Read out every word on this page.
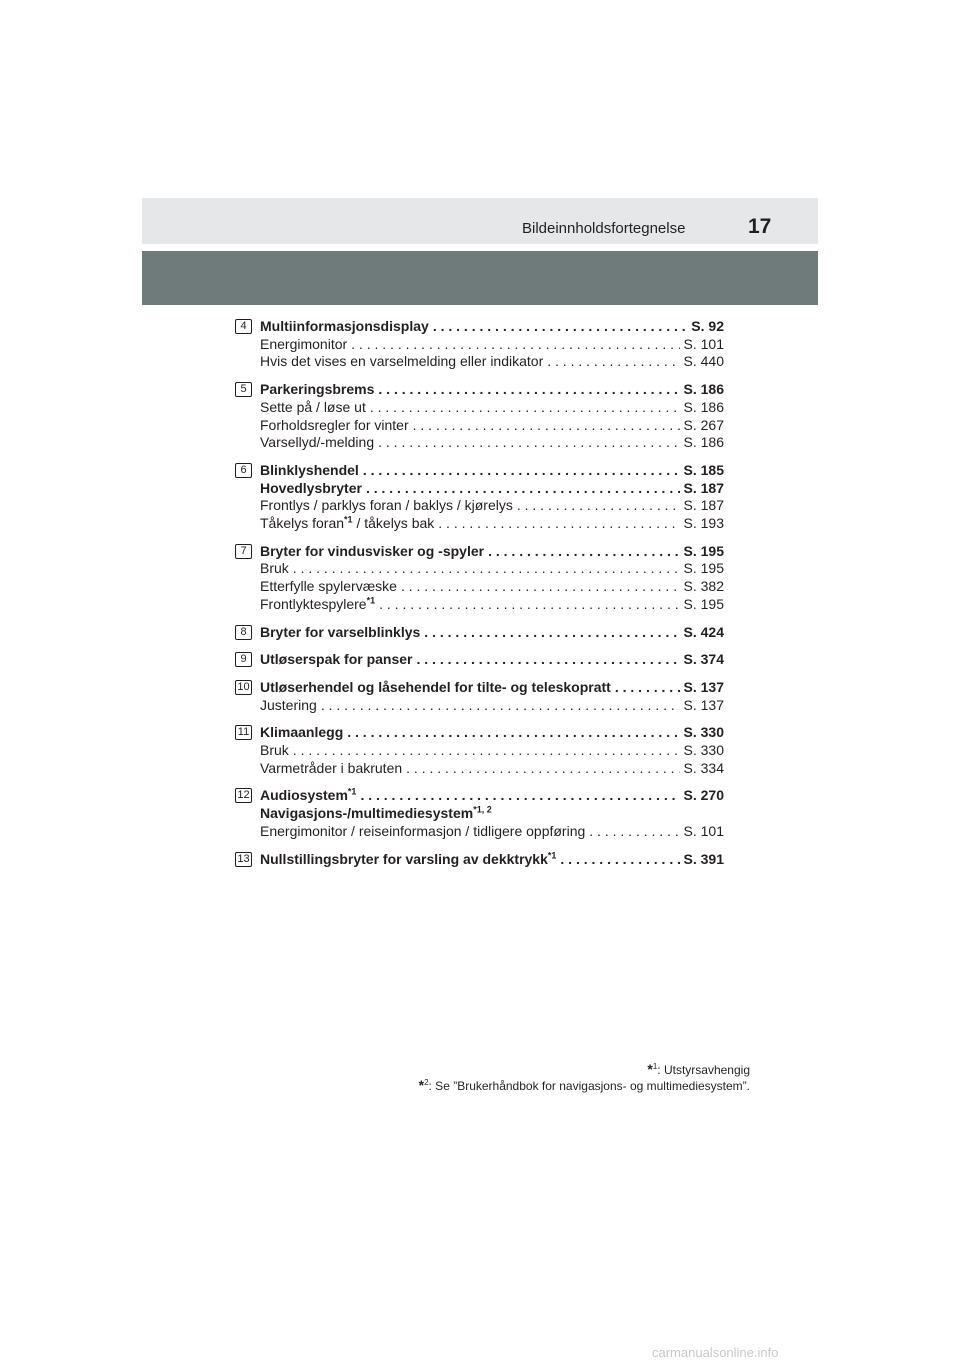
Bildeinnholdsfortegnelse	17
4 Multiinformasjonsdisplay . . .	S. 92
Energimonitor . . .	S. 101
Hvis det vises en varselmelding eller indikator . . .	S. 440
5 Parkeringsbrems . . .	S. 186
Sette på / løse ut . . .	S. 186
Forholdsregler for vinter . . .	S. 267
Varsellyd/-melding . . .	S. 186
6 Blinklyshendel . . .	S. 185
Hovedlysbryter . . .	S. 187
Frontlys / parklys foran / baklys / kjørelys . . .	S. 187
Tåkelys foran$^{*1}$ / tåkelys bak . . .	S. 193
7 Bryter for vindusvisker og -spyler . . .	S. 195
Bruk . . .	S. 195
Etterfylle spylervæske . . .	S. 382
Frontlyktespylere$^{*1}$ . . .	S. 195
8 Bryter for varselblinklys . . .	S. 424
9 Utløserspak for panser . . .	S. 374
10 Utløserhendel og låsehendel for tilte- og teleskopratt . . .	S. 137
Justering . . .	S. 137
11 Klimaanlegg . . .	S. 330
Bruk . . .	S. 330
Varmetråder i bakruten . . .	S. 334
12 Audiosystem$^{*1}$ . . .	S. 270
Navigasjons-/multimediesystem$^{*1, 2}$
Energimonitor / reiseinformasjon / tidligere oppføring . . .	S. 101
13 Nullstillingsbryter for varsling av dekktrykk$^{*1}$ . . .	S. 391
*$^1$: Utstyrsavhengig
*$^2$: Se ”Brukerhåndbok for navigasjons- og multimediesystem”.
carmanualsonline.info
